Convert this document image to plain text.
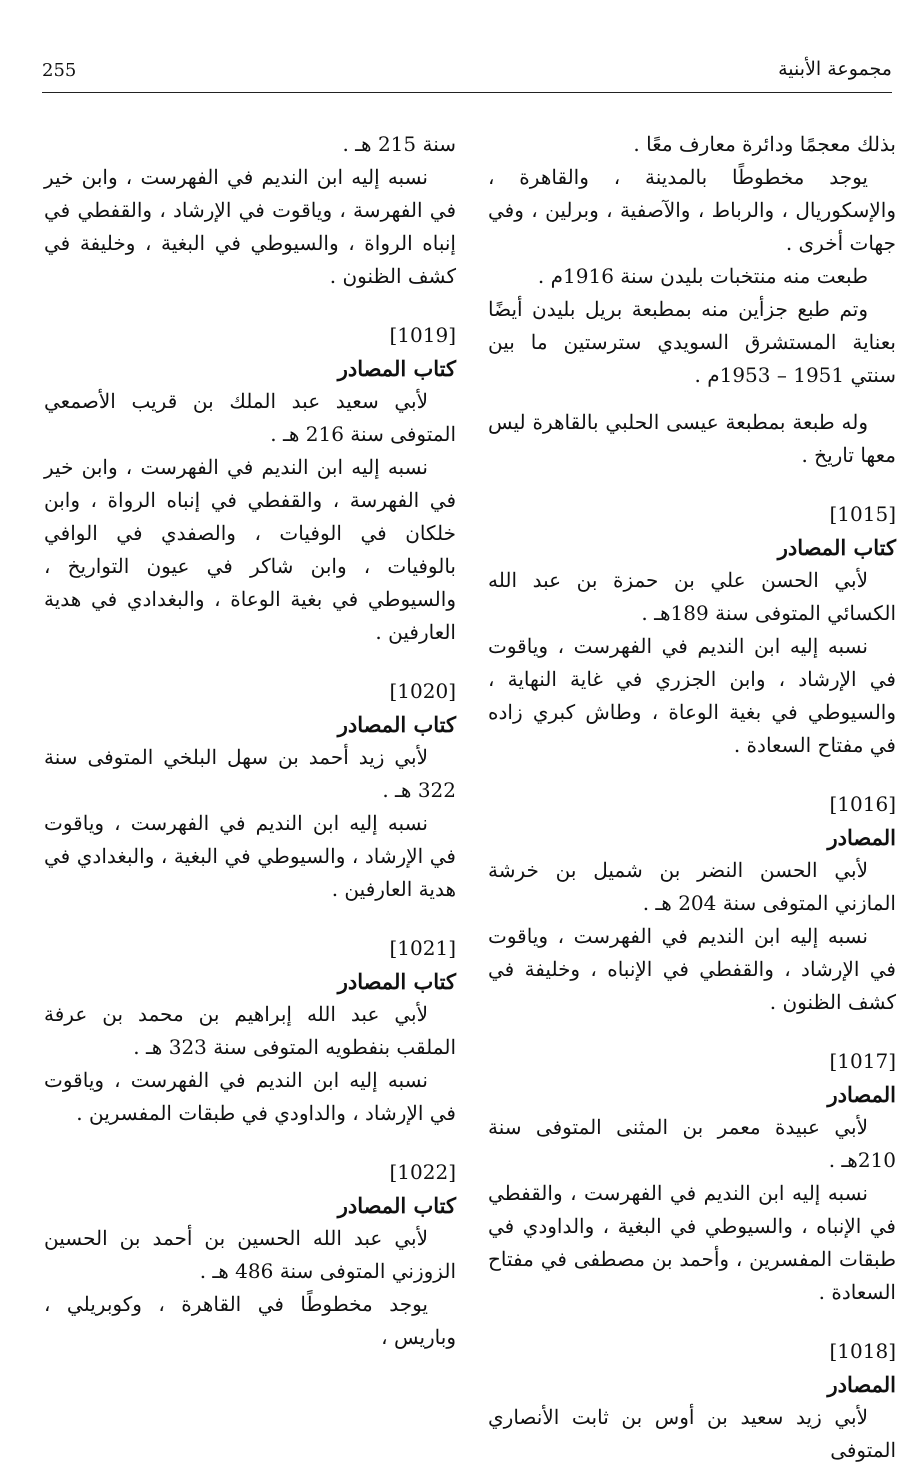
255	مجموعة الأبنية

بذلك معجمًا ودائرة معارف معًا .

يوجد مخطوطًا بالمدينة ، والقاهرة ، والإسكوريال ، والرباط ، والآصفية ، وبرلين ، وفي جهات أخرى .

طبعت منه منتخبات بليدن سنة 1916م .

وتم طبع جزأين منه بمطبعة بريل بليدن أيضًا بعناية المستشرق السويدي سترستين ما بين سنتي 1951 – 1953م .

وله طبعة بمطبعة عيسى الحلبي بالقاهرة ليس معها تاريخ .

[1015]

كتاب المصادر

لأبي الحسن علي بن حمزة بن عبد الله الكسائي المتوفى سنة 189هـ .

نسبه إليه ابن النديم في الفهرست ، وياقوت في الإرشاد ، وابن الجزري في غاية النهاية ، والسيوطي في بغية الوعاة ، وطاش كبري زاده في مفتاح السعادة .

[1016]

المصادر

لأبي الحسن النضر بن شميل بن خرشة المازني المتوفى سنة 204 هـ .

نسبه إليه ابن النديم في الفهرست ، وياقوت في الإرشاد ، والقفطي في الإنباه ، وخليفة في كشف الظنون .

[1017]

المصادر

لأبي عبيدة معمر بن المثنى المتوفى سنة 210هـ .

نسبه إليه ابن النديم في الفهرست ، والقفطي في الإنباه ، والسيوطي في البغية ، والداودي في طبقات المفسرين ، وأحمد بن مصطفى في مفتاح السعادة .

[1018]

المصادر

لأبي زيد سعيد بن أوس بن ثابت الأنصاري المتوفى

سنة 215 هـ .

نسبه إليه ابن النديم في الفهرست ، وابن خير في الفهرسة ، وياقوت في الإرشاد ، والقفطي في إنباه الرواة ، والسيوطي في البغية ، وخليفة في كشف الظنون .

[1019]

كتاب المصادر

لأبي سعيد عبد الملك بن قريب الأصمعي المتوفى سنة 216 هـ .

نسبه إليه ابن النديم في الفهرست ، وابن خير في الفهرسة ، والقفطي في إنباه الرواة ، وابن خلكان في الوفيات ، والصفدي في الوافي بالوفيات ، وابن شاكر في عيون التواريخ ، والسيوطي في بغية الوعاة ، والبغدادي في هدية العارفين .

[1020]

كتاب المصادر

لأبي زيد أحمد بن سهل البلخي المتوفى سنة 322 هـ .

نسبه إليه ابن النديم في الفهرست ، وياقوت في الإرشاد ، والسيوطي في البغية ، والبغدادي في هدية العارفين .

[1021]

كتاب المصادر

لأبي عبد الله إبراهيم بن محمد بن عرفة الملقب بنفطويه المتوفى سنة 323 هـ .

نسبه إليه ابن النديم في الفهرست ، وياقوت في الإرشاد ، والداودي في طبقات المفسرين .

[1022]

كتاب المصادر

لأبي عبد الله الحسين بن أحمد بن الحسين الزوزني المتوفى سنة 486 هـ .

يوجد مخطوطًا في القاهرة ، وكوبريلي ، وباريس ،
